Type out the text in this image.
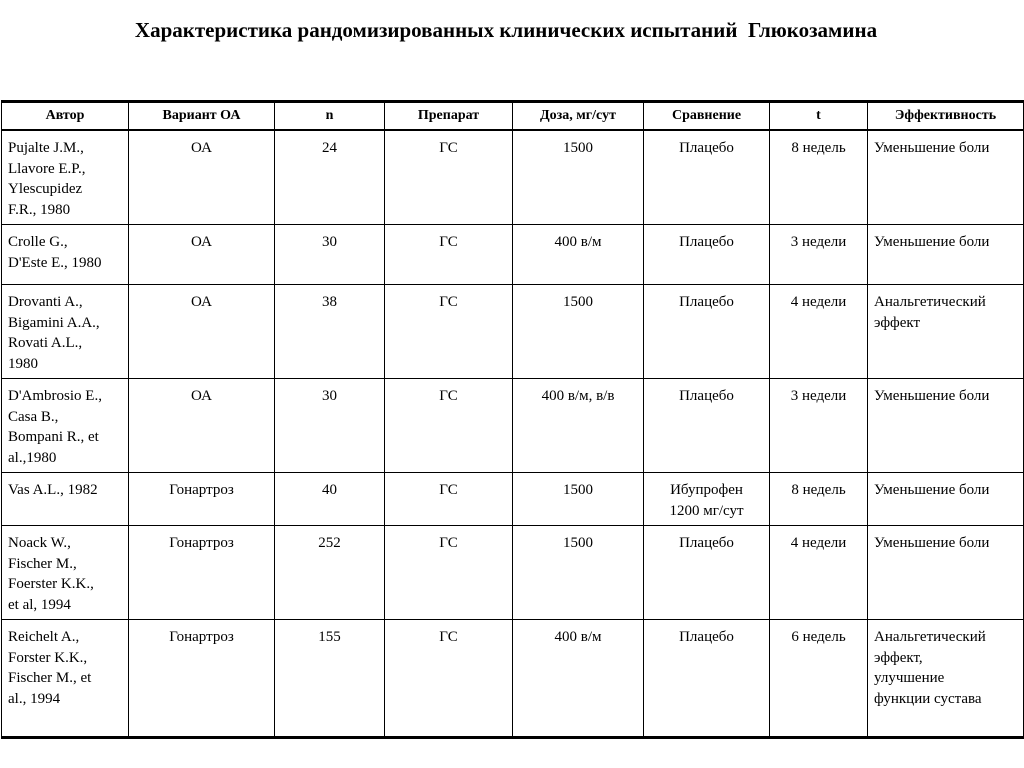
Характеристика рандомизированных клинических испытаний  Глюкозамина
Автор	Вариант ОА	n	Препарат	Доза, мг/сут	Сравнение	t	Эффективность

Pujalte J.M.,
Llavore E.P.,
Ylescupidez
F.R., 1980	ОА	24	ГС	1500	Плацебо	8 недель	Уменьшение боли

Crolle G.,
D'Este E., 1980	ОА	30	ГС	400 в/м	Плацебо	3 недели	Уменьшение боли

Drovanti A.,
Bigamini A.A.,
Rovati A.L.,
1980	ОА	38	ГС	1500	Плацебо	4 недели	Анальгетический
эффект

D'Ambrosio E.,
Casa B.,
Bompani R., et
al.,1980	ОА	30	ГС	400 в/м, в/в	Плацебо	3 недели	Уменьшение боли

Vas A.L., 1982	Гонартроз	40	ГС	1500	Ибупрофен
1200 мг/сут	8 недель	Уменьшение боли

Noack W.,
Fischer M.,
Foerster K.K.,
et al, 1994	Гонартроз	252	ГС	1500	Плацебо	4 недели	Уменьшение боли

Reichelt A.,
Forster K.K.,
Fischer M., et
al., 1994	Гонартроз	155	ГС	400 в/м	Плацебо	6 недель	Анальгетический
эффект,
улучшение
функции сустава
